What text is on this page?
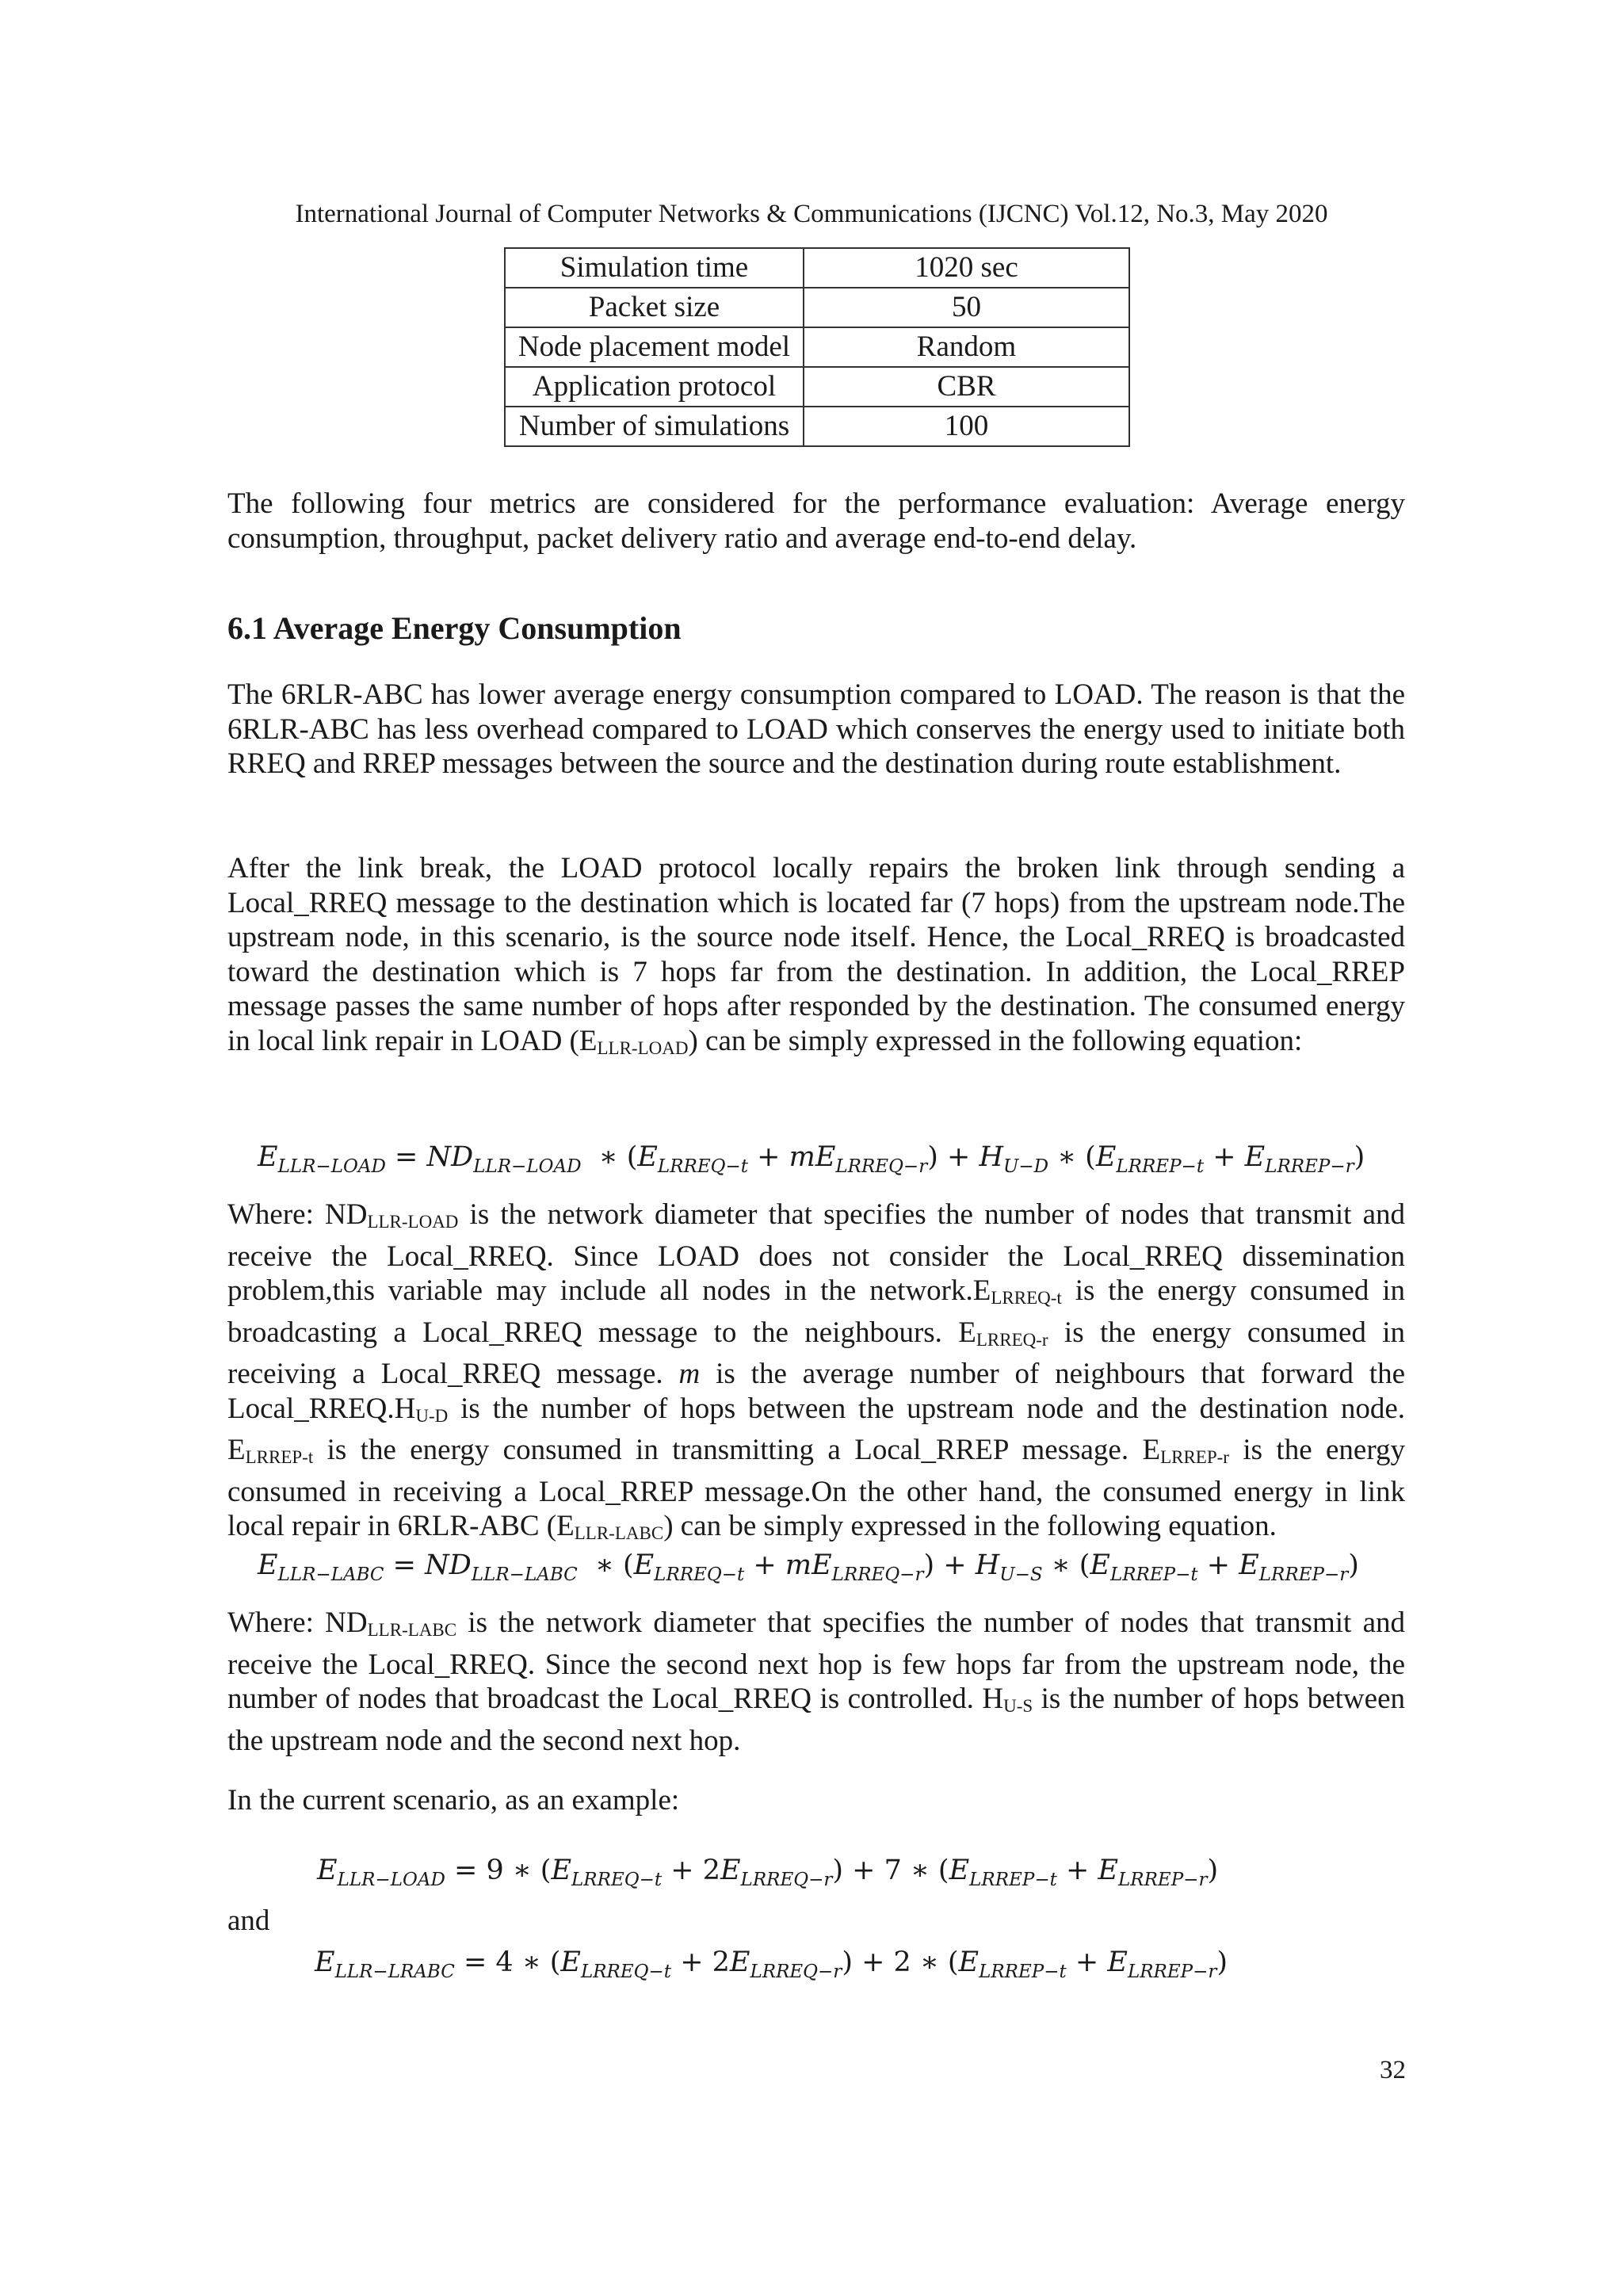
International Journal of Computer Networks & Communications (IJCNC) Vol.12, No.3, May 2020
Simulation time	1020 sec
Packet size	50
Node placement model	Random
Application protocol	CBR
Number of simulations	100

The following four metrics are considered for the performance evaluation: Average energy consumption, throughput, packet delivery ratio and average end-to-end delay.

6.1 Average Energy Consumption

The 6RLR-ABC has lower average energy consumption compared to LOAD. The reason is that the 6RLR-ABC has less overhead compared to LOAD which conserves the energy used to initiate both RREQ and RREP messages between the source and the destination during route establishment.

After the link break, the LOAD protocol locally repairs the broken link through sending a Local_RREQ message to the destination which is located far (7 hops) from the upstream node.The upstream node, in this scenario, is the source node itself. Hence, the Local_RREQ is broadcasted toward the destination which is 7 hops far from the destination. In addition, the Local_RREP message passes the same number of hops after responded by the destination. The consumed energy in local link repair in LOAD $(E_{LLR-LOAD})$ can be simply expressed in the following equation:

$E_{LLR-LOAD} = ND_{LLR-LOAD}$  ∗ $(E_{LRREQ-t} + mE_{LRREQ-r}) + H_{U-D}$ ∗ $(E_{LRREP-t} + E_{LRREP-r})$

Where: $ND_{LLR-LOAD}$ is the network diameter that specifies the number of nodes that transmit and receive the Local_RREQ. Since LOAD does not consider the Local_RREQ dissemination problem,this variable may include all nodes in the $network.E_{LRREQ-t}$ is the energy consumed in broadcasting a Local_RREQ message to the neighbours. $E_{LRREQ-r}$ is the energy consumed in receiving a Local_RREQ message. m is the average number of neighbours that forward the $Local\_RREQ.H_{U-D}$ is the number of hops between the upstream node and the destination node. $E_{LRREP-t}$ is the energy consumed in transmitting a Local_RREP message. $E_{LRREP-r}$ is the energy consumed in receiving a Local_RREP message.On the other hand, the consumed energy in link local repair in 6RLR-ABC $(E_{LLR-LABC})$ can be simply expressed in the following equation.

$E_{LLR-LABC} = ND_{LLR-LABC}$  ∗ $(E_{LRREQ-t} + mE_{LRREQ-r}) + H_{U-S}$ ∗ $(E_{LRREP-t} + E_{LRREP-r})$

Where: $ND_{LLR-LABC}$ is the network diameter that specifies the number of nodes that transmit and receive the Local_RREQ. Since the second next hop is few hops far from the upstream node, the number of nodes that broadcast the Local_RREQ is controlled. $H_{U-S}$ is the number of hops between the upstream node and the second next hop.

In the current scenario, as an example:

$E_{LLR-LOAD} = 9$ ∗ $(E_{LRREQ-t} + 2E_{LRREQ-r}) + 7$ ∗ $(E_{LRREP-t} + E_{LRREP-r})$
and
$E_{LLR-LRABC} = 4$ ∗ $(E_{LRREQ-t} + 2E_{LRREQ-r}) + 2$ ∗ $(E_{LRREP-t} + E_{LRREP-r})$
32
